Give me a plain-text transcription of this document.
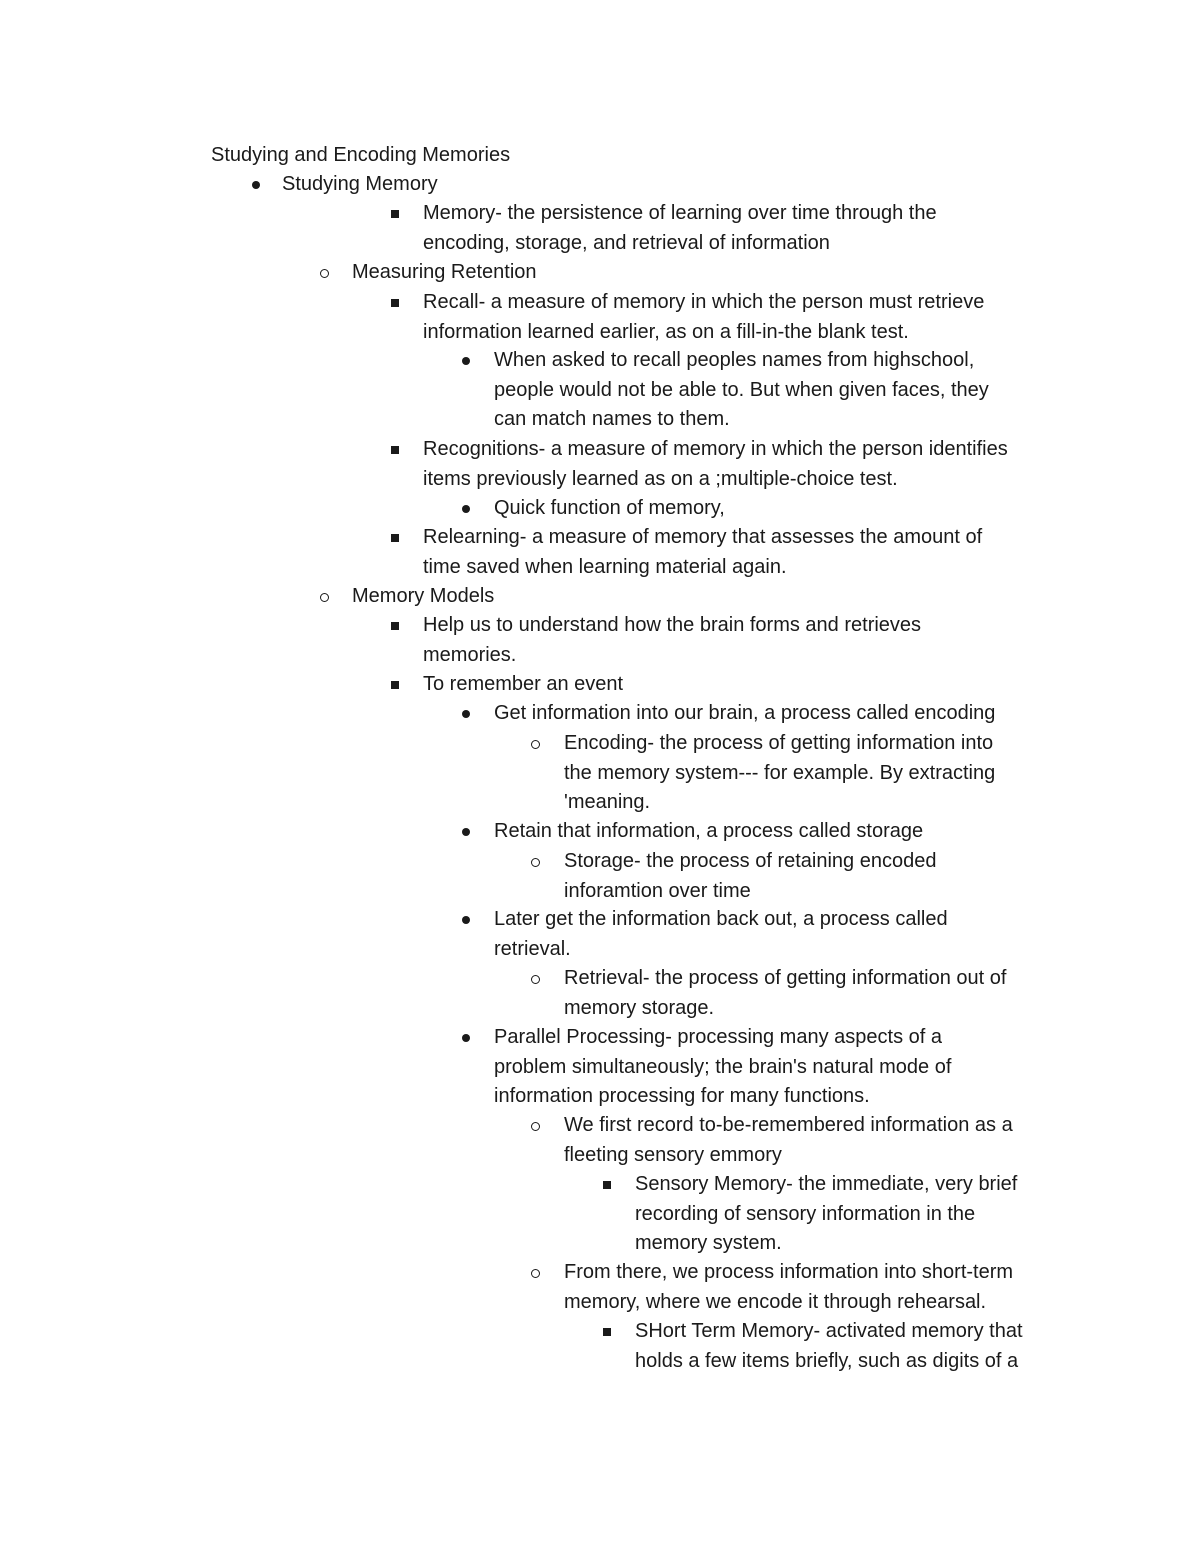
Studying and Encoding Memories
Studying Memory
Memory- the persistence of learning over time through the
encoding, storage, and retrieval of information
Measuring Retention
Recall- a measure of memory in which the person must retrieve
information learned earlier, as on a fill-in-the blank test.
When asked to recall peoples names from highschool,
people would not be able to. But when given faces, they
can match names to them.
Recognitions- a measure of memory in which the person identifies
items previously learned as on a ;multiple-choice test.
Quick function of memory,
Relearning- a measure of memory that assesses the amount of
time saved when learning material again.
Memory Models
Help us to understand how the brain forms and retrieves
memories.
To remember an event
Get information into our brain, a process called encoding
Encoding- the process of getting information into
the memory system--- for example. By extracting
'meaning.
Retain that information, a process called storage
Storage- the process of retaining encoded
inforamtion over time
Later get the information back out, a process called
retrieval.
Retrieval- the process of getting information out of
memory storage.
Parallel Processing- processing many aspects of a
problem simultaneously; the brain's natural mode of
information processing for many functions.
We first record to-be-remembered information as a
fleeting sensory emmory
Sensory Memory- the immediate, very brief
recording of sensory information in the
memory system.
From there, we process information into short-term
memory, where we encode it through rehearsal.
SHort Term Memory- activated memory that
holds a few items briefly, such as digits of a
